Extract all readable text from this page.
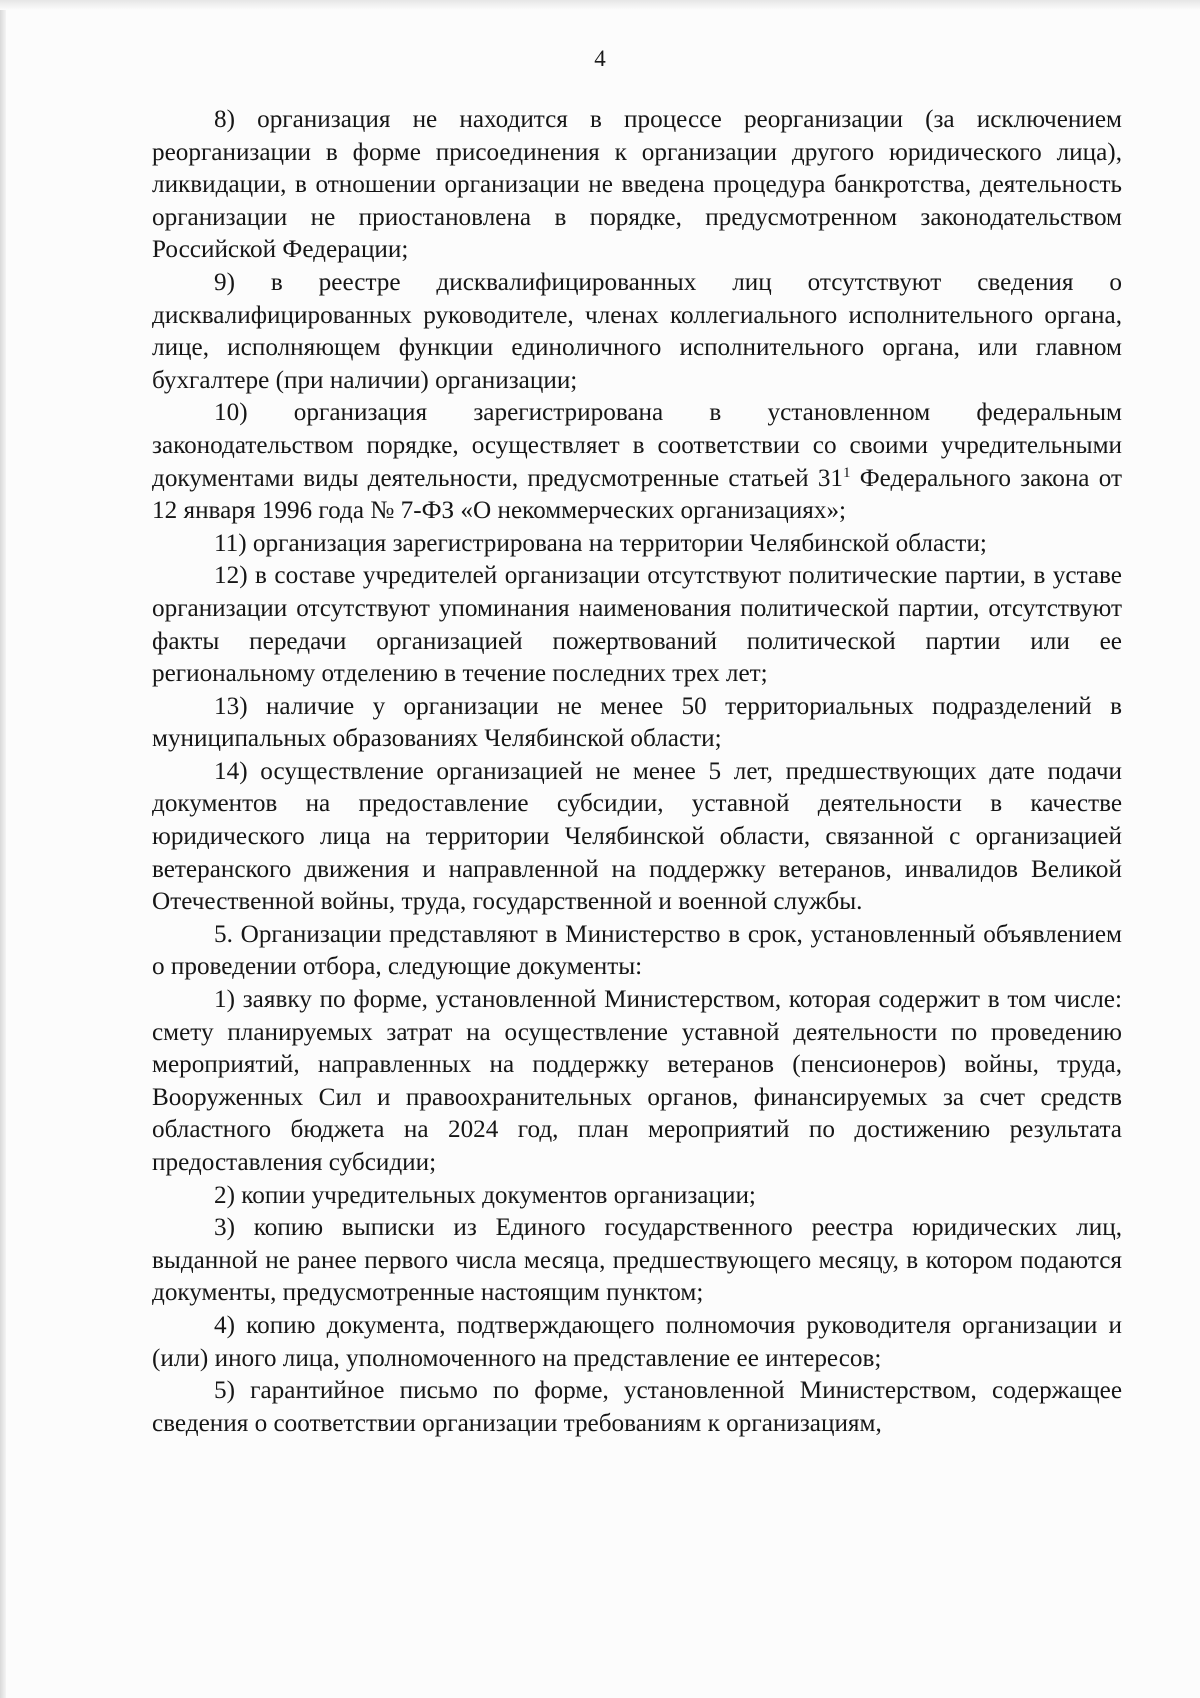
4

8) организация не находится в процессе реорганизации (за исключением реорганизации в форме присоединения к организации другого юридического лица), ликвидации, в отношении организации не введена процедура банкротства, деятельность организации не приостановлена в порядке, предусмотренном законодательством Российской Федерации;

9) в реестре дисквалифицированных лиц отсутствуют сведения о дисквалифицированных руководителе, членах коллегиального исполнительного органа, лице, исполняющем функции единоличного исполнительного органа, или главном бухгалтере (при наличии) организации;

10) организация зарегистрирована в установленном федеральным законодательством порядке, осуществляет в соответствии со своими учредительными документами виды деятельности, предусмотренные статьей $31^1$ Федерального закона от 12 января 1996 года № 7-ФЗ «О некоммерческих организациях»;

11) организация зарегистрирована на территории Челябинской области;

12) в составе учредителей организации отсутствуют политические партии, в уставе организации отсутствуют упоминания наименования политической партии, отсутствуют факты передачи организацией пожертвований политической партии или ее региональному отделению в течение последних трех лет;

13) наличие у организации не менее 50 территориальных подразделений в муниципальных образованиях Челябинской области;

14) осуществление организацией не менее 5 лет, предшествующих дате подачи документов на предоставление субсидии, уставной деятельности в качестве юридического лица на территории Челябинской области, связанной с организацией ветеранского движения и направленной на поддержку ветеранов, инвалидов Великой Отечественной войны, труда, государственной и военной службы.

5. Организации представляют в Министерство в срок, установленный объявлением о проведении отбора, следующие документы:

1) заявку по форме, установленной Министерством, которая содержит в том числе: смету планируемых затрат на осуществление уставной деятельности по проведению мероприятий, направленных на поддержку ветеранов (пенсионеров) войны, труда, Вооруженных Сил и правоохранительных органов, финансируемых за счет средств областного бюджета на 2024 год, план мероприятий по достижению результата предоставления субсидии;

2) копии учредительных документов организации;

3) копию выписки из Единого государственного реестра юридических лиц, выданной не ранее первого числа месяца, предшествующего месяцу, в котором подаются документы, предусмотренные настоящим пунктом;

4) копию документа, подтверждающего полномочия руководителя организации и (или) иного лица, уполномоченного на представление ее интересов;

5) гарантийное письмо по форме, установленной Министерством, содержащее сведения о соответствии организации требованиям к организациям,
